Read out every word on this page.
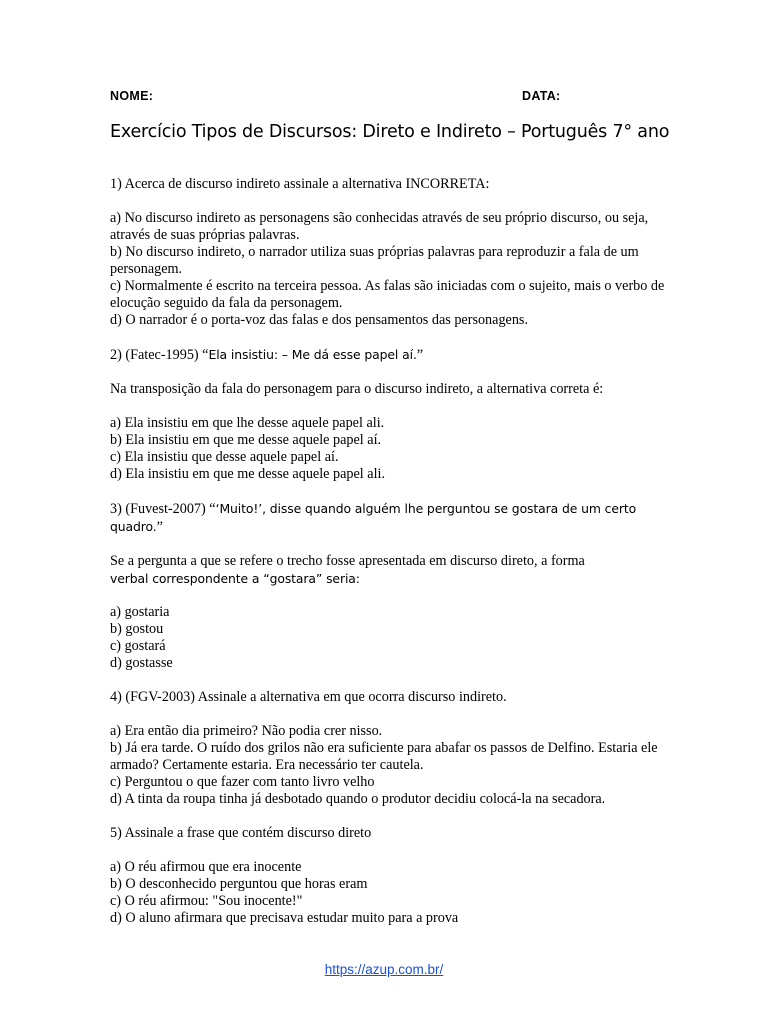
NOME:	DATA:
Exercício Tipos de Discursos: Direto e Indireto – Português 7° ano

1) Acerca de discurso indireto assinale a alternativa INCORRETA:

a) No discurso indireto as personagens são conhecidas através de seu próprio discurso, ou seja, através de suas próprias palavras.

b) No discurso indireto, o narrador utiliza suas próprias palavras para reproduzir a fala de um personagem.

c) Normalmente é escrito na terceira pessoa. As falas são iniciadas com o sujeito, mais o verbo de elocução seguido da fala da personagem.

d) O narrador é o porta-voz das falas e dos pensamentos das personagens.

2) (Fatec-1995) “Ela insistiu: – Me dá esse papel aí.”

Na transposição da fala do personagem para o discurso indireto, a alternativa correta é:

a) Ela insistiu em que lhe desse aquele papel ali.

b) Ela insistiu em que me desse aquele papel aí.

c) Ela insistiu que desse aquele papel aí.

d) Ela insistiu em que me desse aquele papel ali.

3) (Fuvest-2007) “‘Muito!’, disse quando alguém lhe perguntou se gostara de um certo quadro.”

Se a pergunta a que se refere o trecho fosse apresentada em discurso direto, a forma

verbal correspondente a “gostara” seria:

a) gostaria

b) gostou

c) gostará

d) gostasse

4) (FGV-2003) Assinale a alternativa em que ocorra discurso indireto.

a) Era então dia primeiro? Não podia crer nisso.

b) Já era tarde. O ruído dos grilos não era suficiente para abafar os passos de Delfino. Estaria ele armado? Certamente estaria. Era necessário ter cautela.

c) Perguntou o que fazer com tanto livro velho

d) A tinta da roupa tinha já desbotado quando o produtor decidiu colocá-la na secadora.

5) Assinale a frase que contém discurso direto

a) O réu afirmou que era inocente

b) O desconhecido perguntou que horas eram

c) O réu afirmou: "Sou inocente!"

d) O aluno afirmara que precisava estudar muito para a prova

https://azup.com.br/
